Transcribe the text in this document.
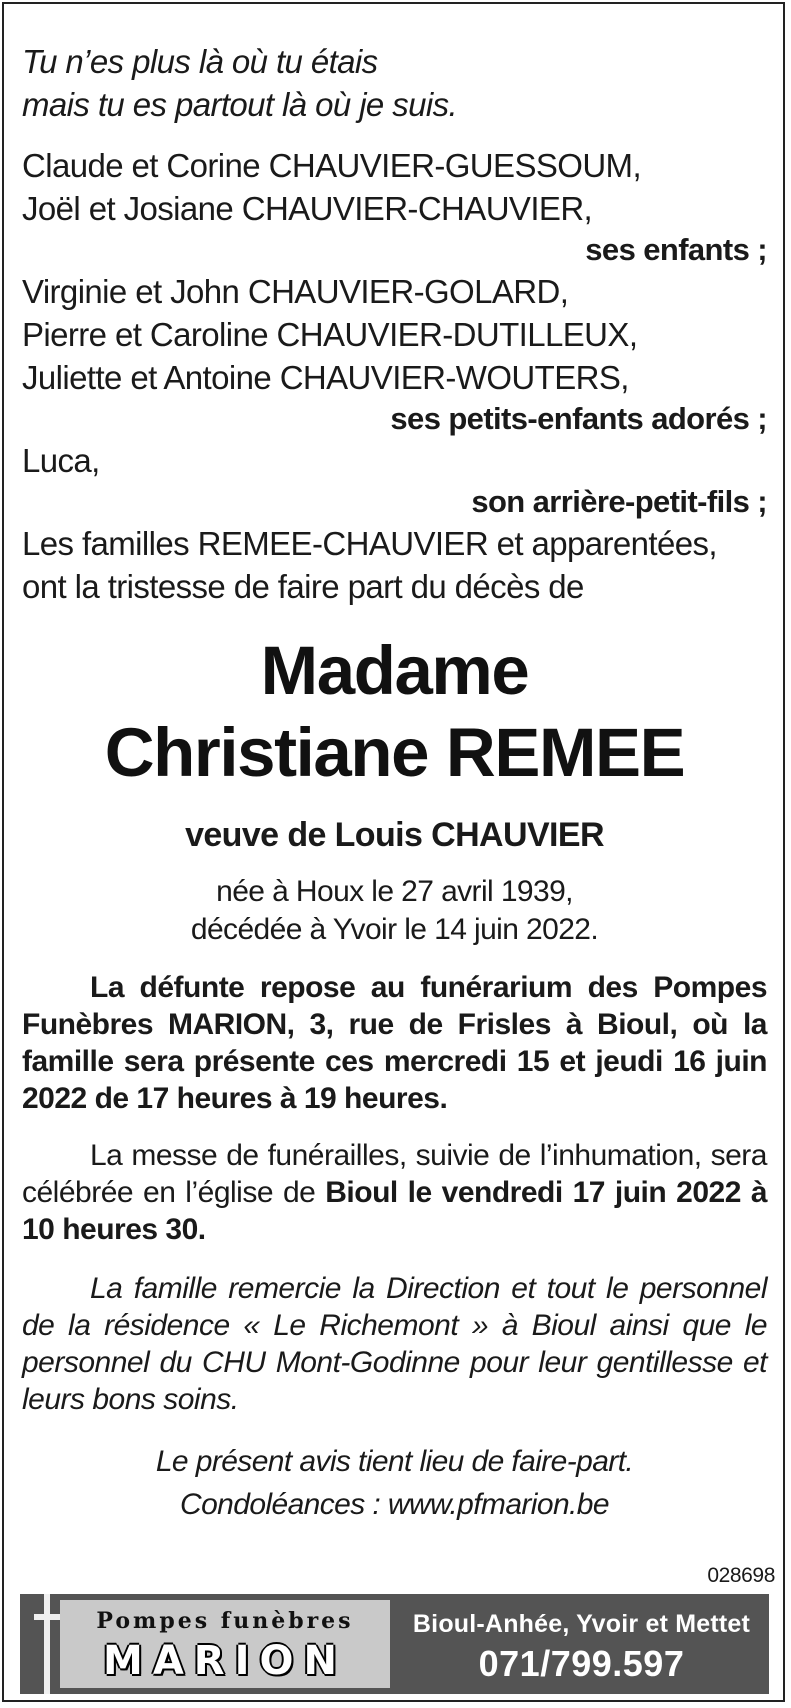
Tu n’es plus là où tu étais
mais tu es partout là où je suis.
Claude et Corine CHAUVIER-GUESSOUM,
Joël et Josiane CHAUVIER-CHAUVIER,
ses enfants ;
Virginie et John CHAUVIER-GOLARD,
Pierre et Caroline CHAUVIER-DUTILLEUX,
Juliette et Antoine CHAUVIER-WOUTERS,
ses petits-enfants adorés ;
Luca,
son arrière-petit-fils ;
Les familles REMEE-CHAUVIER et apparentées,
ont la tristesse de faire part du décès de
Madame
Christiane REMEE
veuve de Louis CHAUVIER
née à Houx le 27 avril 1939,
décédée à Yvoir le 14 juin 2022.
La défunte repose au funérarium des Pompes Funèbres MARION, 3, rue de Frisles à Bioul, où la famille sera présente ces mercredi 15 et jeudi 16 juin 2022 de 17 heures à 19 heures.
La messe de funérailles, suivie de l’inhumation, sera célébrée en l’église de Bioul le vendredi 17 juin 2022 à 10 heures 30.
La famille remercie la Direction et tout le personnel de la résidence « Le Richemont » à Bioul ainsi que le personnel du CHU Mont-Godinne pour leur gentillesse et leurs bons soins.
Le présent avis tient lieu de faire-part.
Condoléances : www.pfmarion.be
028698
Pompes funèbres
MARION
Bioul-Anhée, Yvoir et Mettet
071/799.597
